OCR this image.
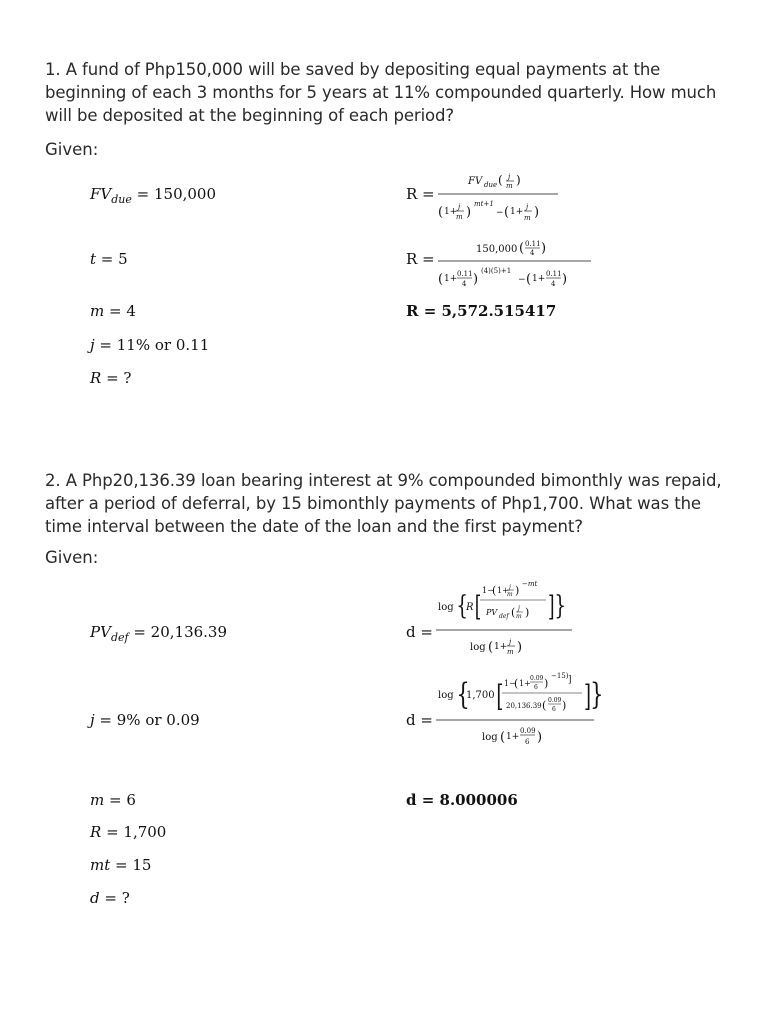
1. A fund of Php150,000 will be saved by depositing equal payments at the beginning of each 3 months for 5 years at 11% compounded quarterly. How much will be deposited at the beginning of each period?
Given:
$FV_{due} = 150,000$
t = 5
m = 4
j = 11% or 0.11
R = ?
R =
FV due ( j
m )
( 1+ j
m )
mt+1
− ( 1+ j
m )
R =
150,000 ( 0.11
4 )
( 1+ 0.11
4 )
(4)(5)+1
− ( 1+ 0.11
4 )
R = 5,572.515417
2. A Php20,136.39 loan bearing interest at 9% compounded bimonthly was repaid, after a period of deferral, by 15 bimonthly payments of Php1,700. What was the time interval between the date of the loan and the first payment?
Given:
$PV_{def} = 20,136.39$
j = 9% or 0.09
m = 6
R = 1,700
mt = 15
d = ?
d =
log {
R [
1−
( 1+ j
m ) −mt
PV def ( j
m ) ] }
log ( 1+ j
m )
d =
log {
1,700 [ 1−
( 1+
0.09
6 )
−15) ]
20,136.39 ( 0.09
6 ) ] }
log ( 1+
0.09
6 )
d = 8.000006
